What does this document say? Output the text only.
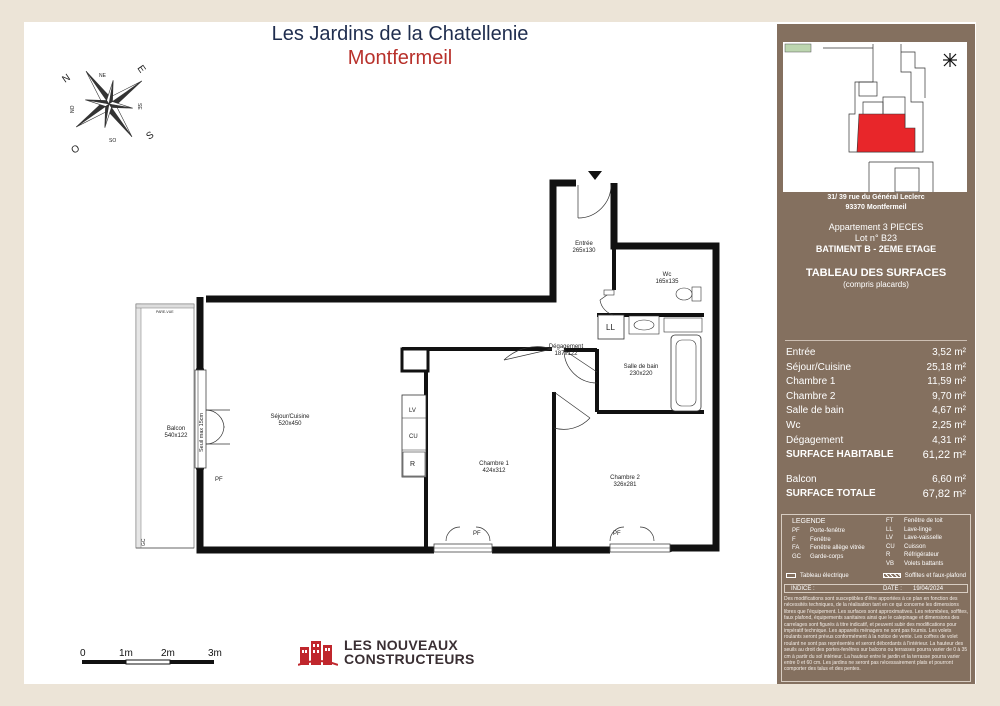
Les Jardins de la Chatellenie
Montfermeil
N
E
S
O
NE
SE
SO
NO
Entrée
265x130
Wc
165x135
Dégagement
187x122
Salle de bain
230x220
Séjour/Cuisine
520x450
Chambre 1
424x312
Chambre 2
326x281
Balcon
540x122
LL
LV
CU
R
PF
PF	PF
GC
PARE-VUE
Seuil max 15cm
0	1m	2m	3m
LES NOUVEAUX
CONSTRUCTEURS
31/ 39 rue du Général Leclerc
93370 Montfermeil
Appartement 3 PIECES
Lot n° B23
BATIMENT B - 2EME ETAGE
TABLEAU DES SURFACES
(compris placards)
Entrée	3,52 m²
Séjour/Cuisine	25,18 m²
Chambre 1	11,59 m²
Chambre 2	9,70 m²
Salle de bain	4,67 m²
Wc	2,25 m²
Dégagement	4,31 m²
SURFACE HABITABLE	61,22 m²
Balcon	6,60 m²
SURFACE TOTALE	67,82 m²
LEGENDE
PF Porte-fenêtre
F Fenêtre
FA Fenêtre allège vitrée
GC Garde-corps
FT Fenêtre de toit
LL Lave-linge
LV Lave-vaisselle
CU Cuisson
R Réfrigérateur
VB Volets battants
Tableau électrique	Soffites et faux-plafond
INDICE :	DATE : 19/04/2024
Des modifications sont susceptibles d'être apportées à ce plan en fonction des nécessités techniques, de la réalisation tant en ce qui concerne les dimensions libres que l'équipement. Les surfaces sont approximatives. Les retombées, soffites, faux plafond, équipements sanitaires ainsi que le calepinage et dimensions des carrelages sont figurés à titre indicatif, et peuvent subir des modifications pour impératif technique. Les appareils ménagers ne sont pas fournis. Les volets roulants seront prévus conformément à la notice de vente. Les coffres de volet roulant ne sont pas représentés et seront débordants à l'intérieur. La hauteur des seuils au droit des portes-fenêtres sur balcons ou terrasses pourra varier de 0 à 35 cm à partir du sol intérieur. La hauteur entre le jardin et la terrasse pourra varier entre 0 et 60 cm. Les jardins ne seront pas nécessairement plats et pourront comporter des talus et des pentes.
